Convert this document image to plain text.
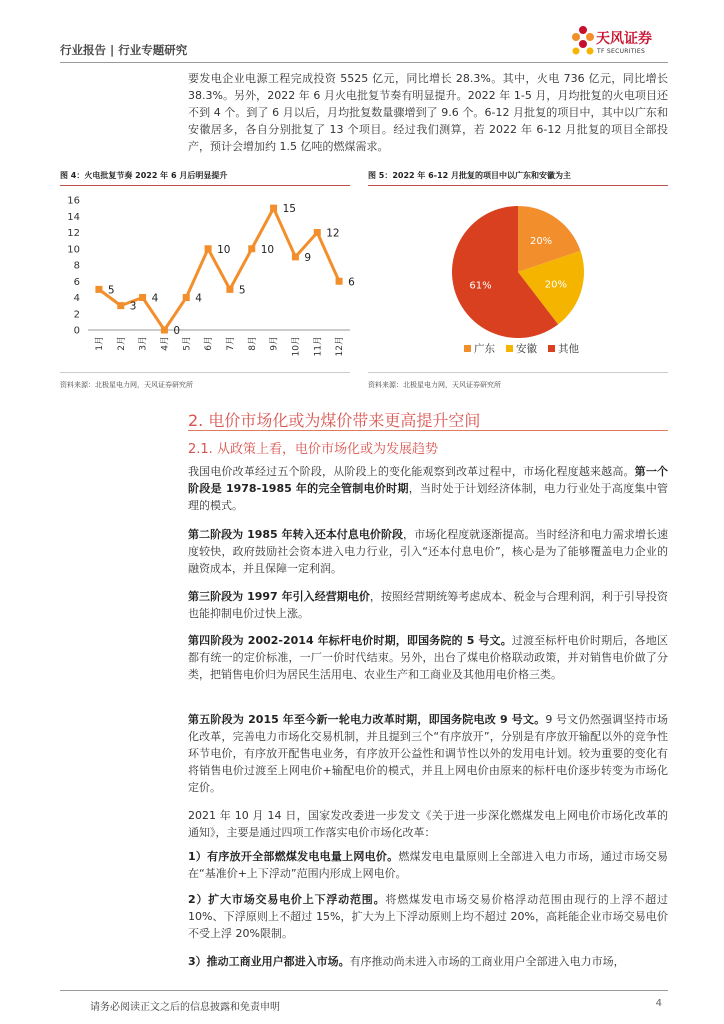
行业报告 | 行业专题研究
天风证券
TF SECURITIES

要发电企业电源工程完成投资 5525 亿元，同比增长 28.3%。其中，火电 736 亿元，同比增长 38.3%。另外，2022 年 6 月火电批复节奏有明显提升。2022 年 1-5 月，月均批复的火电项目还不到 4 个。到了 6 月以后，月均批复数量骤增到了 9.6 个。6-12 月批复的项目中，其中以广东和安徽居多，各自分别批复了 13 个项目。经过我们测算，若 2022 年 6-12 月批复的项目全部投产，预计会增加约 1.5 亿吨的燃煤需求。

图 4：火电批复节奏 2022 年 6 月后明显提升
0
2
4
6
8
10
12
14
16
1月 2月 3月 4月 5月 6月 7月 8月 9月 10月 11月 12月
5
3
4
0
4
10
5
10
15
9
12
6
资料来源：北极星电力网，天风证券研究所
图 5：2022 年 6-12 月批复的项目中以广东和安徽为主
20%
20%
61%
广东 安徽 其他
资料来源：北极星电力网，天风证券研究所
2. 电价市场化或为煤价带来更高提升空间
2.1. 从政策上看，电价市场化或为发展趋势

我国电价改革经过五个阶段，从阶段上的变化能观察到改革过程中，市场化程度越来越高。第一个阶段是 1978-1985 年的完全管制电价时期，当时处于计划经济体制，电力行业处于高度集中管理的模式。

第二阶段为 1985 年转入还本付息电价阶段，市场化程度就逐渐提高。当时经济和电力需求增长速度较快，政府鼓励社会资本进入电力行业，引入“还本付息电价”，核心是为了能够覆盖电力企业的融资成本，并且保障一定利润。

第三阶段为 1997 年引入经营期电价，按照经营期统筹考虑成本、税金与合理利润，利于引导投资也能抑制电价过快上涨。

第四阶段为 2002-2014 年标杆电价时期，即国务院的 5 号文。过渡至标杆电价时期后，各地区都有统一的定价标准，一厂一价时代结束。另外，出台了煤电价格联动政策，并对销售电价做了分类，把销售电价归为居民生活用电、农业生产和工商业及其他用电价格三类。

第五阶段为 2015 年至今新一轮电力改革时期，即国务院电改 9 号文。9 号文仍然强调坚持市场化改革，完善电力市场化交易机制，并且提到三个“有序放开”，分别是有序放开输配以外的竞争性环节电价，有序放开配售电业务，有序放开公益性和调节性以外的发用电计划。较为重要的变化有将销售电价过渡至上网电价+输配电价的模式，并且上网电价由原来的标杆电价逐步转变为市场化定价。

2021 年 10 月 14 日，国家发改委进一步发文《关于进一步深化燃煤发电上网电价市场化改革的通知》，主要是通过四项工作落实电价市场化改革：

1）有序放开全部燃煤发电电量上网电价。燃煤发电电量原则上全部进入电力市场，通过市场交易在“基准价+上下浮动”范围内形成上网电价。

2）扩大市场交易电价上下浮动范围。将燃煤发电市场交易价格浮动范围由现行的上浮不超过 10%、下浮原则上不超过 15%，扩大为上下浮动原则上均不超过 20%，高耗能企业市场交易电价不受上浮 20%限制。

3）推动工商业用户都进入市场。有序推动尚未进入市场的工商业用户全部进入电力市场，

请务必阅读正文之后的信息披露和免责申明	4
